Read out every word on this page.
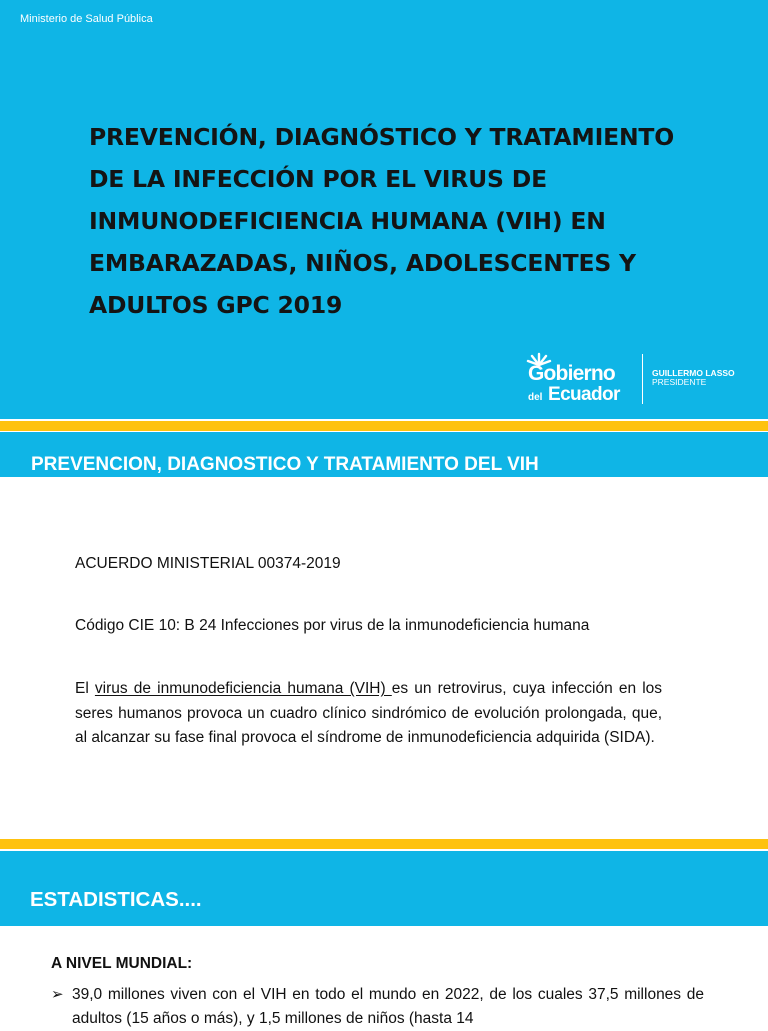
Ministerio de Salud Pública
PREVENCIÓN, DIAGNÓSTICO Y TRATAMIENTO DE LA INFECCIÓN POR EL VIRUS DE INMUNODEFICIENCIA HUMANA (VIH) EN EMBARAZADAS, NIÑOS, ADOLESCENTES Y ADULTOS GPC 2019
Gobierno
del Ecuador
GUILLERMO LASSO
PRESIDENTE
PREVENCION, DIAGNOSTICO Y TRATAMIENTO DEL VIH

ACUERDO MINISTERIAL 00374-2019

Código CIE 10: B 24 Infecciones por virus de la inmunodeficiencia humana

El virus de inmunodeficiencia humana (VIH) es un retrovirus, cuya infección en los seres humanos provoca un cuadro clínico sindrómico de evolución prolongada, que, al alcanzar su fase final provoca el síndrome de inmunodeficiencia adquirida (SIDA).

ESTADISTICAS....

A NIVEL MUNDIAL:

➢ 39,0 millones viven con el VIH en todo el mundo en 2022, de los cuales 37,5 millones de adultos (15 años o más), y 1,5 millones de niños (hasta 14
